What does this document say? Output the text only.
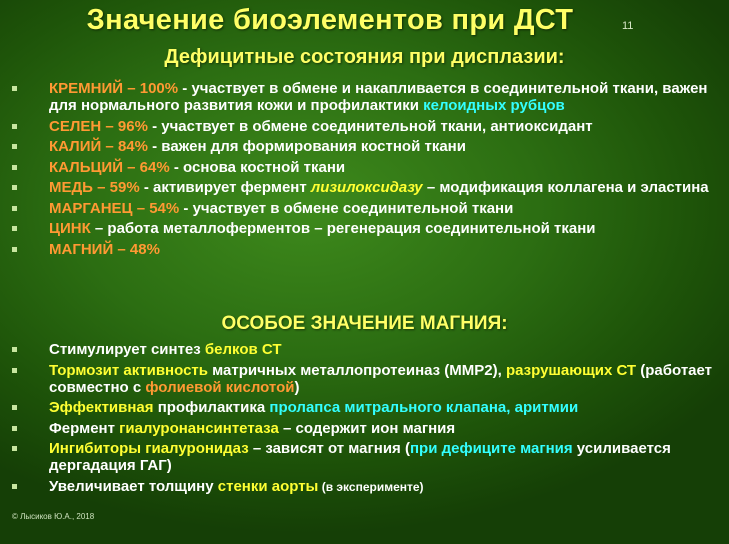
Значение биоэлементов при ДСТ	11
Дефицитные состояния при дисплазии:
КРЕМНИЙ – 100% - участвует в обмене и накапливается в соединительной ткани, важен для нормального развития кожи и профилактики келоидных рубцов
СЕЛЕН – 96% - участвует в обмене соединительной ткани, антиоксидант
КАЛИЙ – 84% - важен для формирования костной ткани
КАЛЬЦИЙ – 64% - основа костной ткани
МЕДЬ – 59% - активирует фермент лизилоксидазу – модификация коллагена и эластина
МАРГАНЕЦ – 54% - участвует в обмене соединительной ткани
ЦИНК – работа металлоферментов – регенерация соединительной ткани
МАГНИЙ – 48%
ОСОБОЕ ЗНАЧЕНИЕ МАГНИЯ:
Стимулирует синтез белков СТ
Тормозит активность матричных металлопротеиназ (ММР2), разрушающих СТ (работает совместно с фолиевой кислотой)
Эффективная профилактика пролапса митрального клапана, аритмии
Фермент гиалуронансинтетаза – содержит ион магния
Ингибиторы гиалуронидаз – зависят от магния (при дефиците магния усиливается дергадация ГАГ)
Увеличивает толщину стенки аорты (в эксперименте)
© Лысиков Ю.А., 2018
